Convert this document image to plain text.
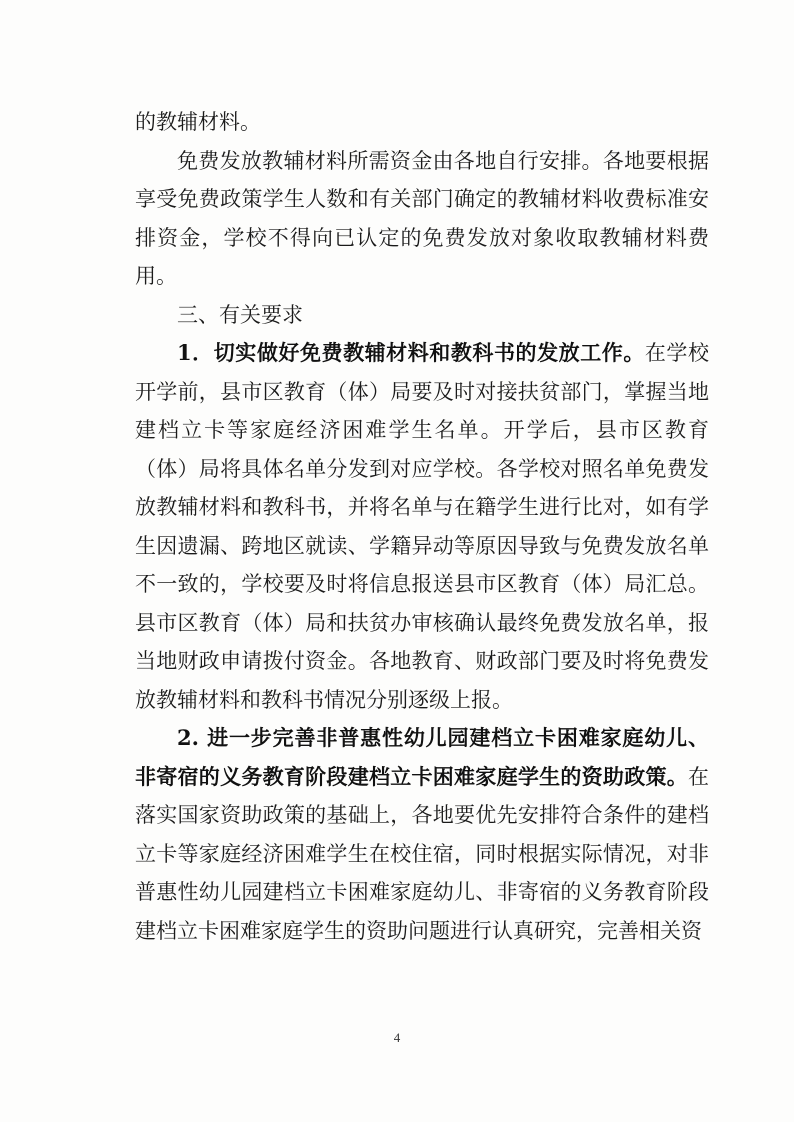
的教辅材料。

免费发放教辅材料所需资金由各地自行安排。各地要根据享受免费政策学生人数和有关部门确定的教辅材料收费标准安排资金，学校不得向已认定的免费发放对象收取教辅材料费用。

三、有关要求

1．切实做好免费教辅材料和教科书的发放工作。在学校开学前，县市区教育（体）局要及时对接扶贫部门，掌握当地建档立卡等家庭经济困难学生名单。开学后，县市区教育（体）局将具体名单分发到对应学校。各学校对照名单免费发放教辅材料和教科书，并将名单与在籍学生进行比对，如有学生因遗漏、跨地区就读、学籍异动等原因导致与免费发放名单不一致的，学校要及时将信息报送县市区教育（体）局汇总。县市区教育（体）局和扶贫办审核确认最终免费发放名单，报当地财政申请拨付资金。各地教育、财政部门要及时将免费发放教辅材料和教科书情况分别逐级上报。

2. 进一步完善非普惠性幼儿园建档立卡困难家庭幼儿、非寄宿的义务教育阶段建档立卡困难家庭学生的资助政策。在落实国家资助政策的基础上，各地要优先安排符合条件的建档立卡等家庭经济困难学生在校住宿，同时根据实际情况，对非普惠性幼儿园建档立卡困难家庭幼儿、非寄宿的义务教育阶段建档立卡困难家庭学生的资助问题进行认真研究，完善相关资

4
